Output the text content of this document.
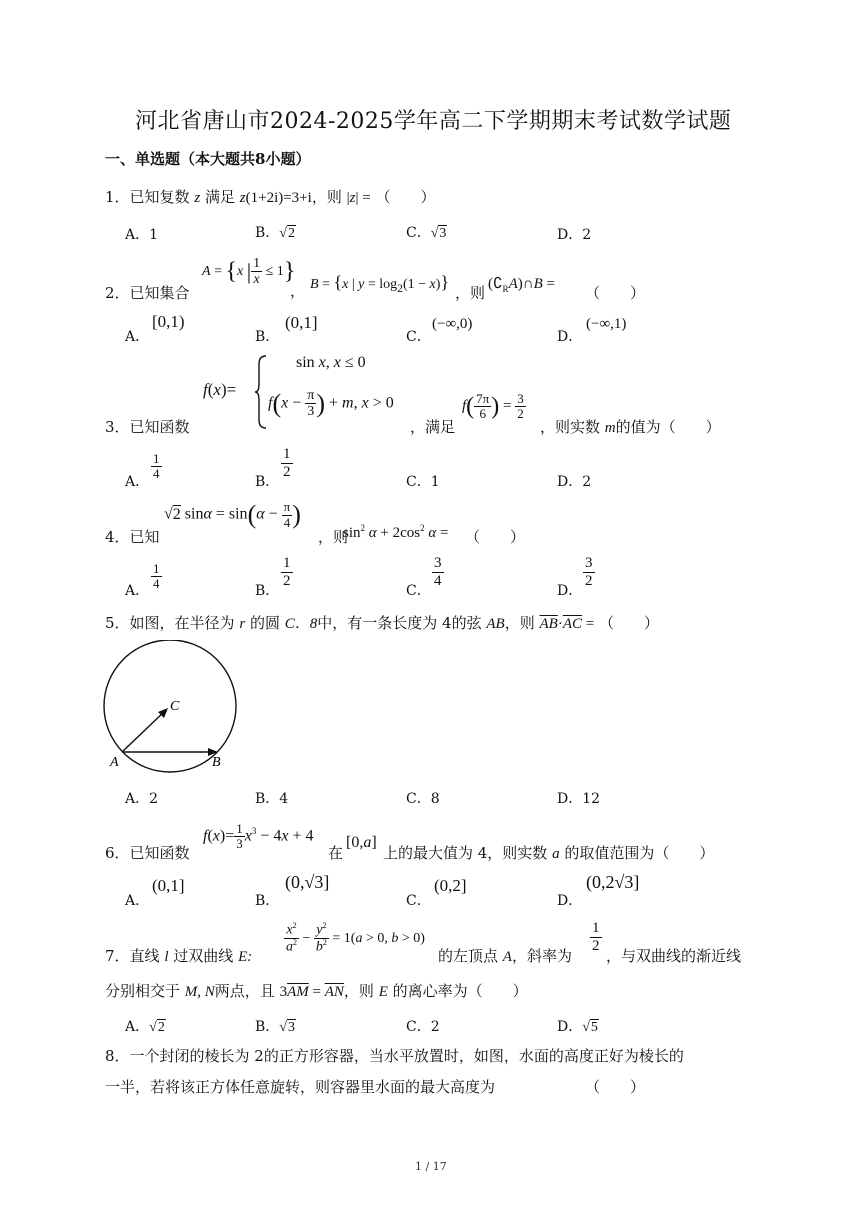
河北省唐山市2024-2025学年高二下学期期末考试数学试题
一、单选题（本大题共8小题）
1．已知复数 z 满足 z(1+2i)=3+i，则 |z| = （　　）
A．1	B．√2	C．√3	D．2
2．已知集合
A = {x | $\frac{1}{x} \le 1$}
， B = {x | $y = \log_2(1 - x)$}
，则 $(∁_RA)\cap B$ = （　　）
A．
[0,1)
B．
(0,1]
C．
(−∞,0)
D．
(−∞,1)
3．已知函数
f(x)=
sin x, x ≤ 0
$f(x - \frac{\pi}{3}$ ) + m, x > 0
，满足
$f( \frac{7\pi}{6}$ ) = $\frac{3}{2}$
，则实数 m的值为（　　）
A．
$\frac{1}{4}$
B．
$\frac{1}{2}$
C．1	D．2
4．已知
√2 $\sin\alpha = \sin(\alpha - \frac{\pi}{4}$ )
，则
$\sin^2 \alpha + 2\cos^2$ α = （　　）
A． $\frac{1}{4}$	B．
$\frac{1}{2}$
C．
$\frac{3}{4}$
D．
$\frac{3}{2}$
5．如图，在半径为 r 的圆 C．8中，有一条长度为 4的弦 AB，则 $\overline{AB}\cdot\overline{AC}$ = （　　）
C
A	B
A．2	B．4	C．8	D．12
6．已知函数
$f(x)= \frac{1}{3} x^3 - 4x + 4$
在
[0,a]
上的最大值为 4，则实数 a 的取值范围为（　　）
A．
(0,1]
B．
(0,√3]
C．
(0,2]
D．
(0,2√3]
7．直线 l 过双曲线 E:
$\frac{x^2}{a^2} - \frac{y^2}{b^2} = 1(a > 0$, b > 0)
的左顶点 A，斜率为
$\frac{1}{2}$
，与双曲线的渐近线
分别相交于 M, N两点，且 $3\overline{AM} = \overline{AN}$，则 E 的离心率为（　　）
A．√2	B．√3	C．2	D．√5
8．一个封闭的棱长为 2的正方形容器，当水平放置时，如图，水面的高度正好为棱长的
一半，若将该正方体任意旋转，则容器里水面的最大高度为	（　　）
1 / 17
